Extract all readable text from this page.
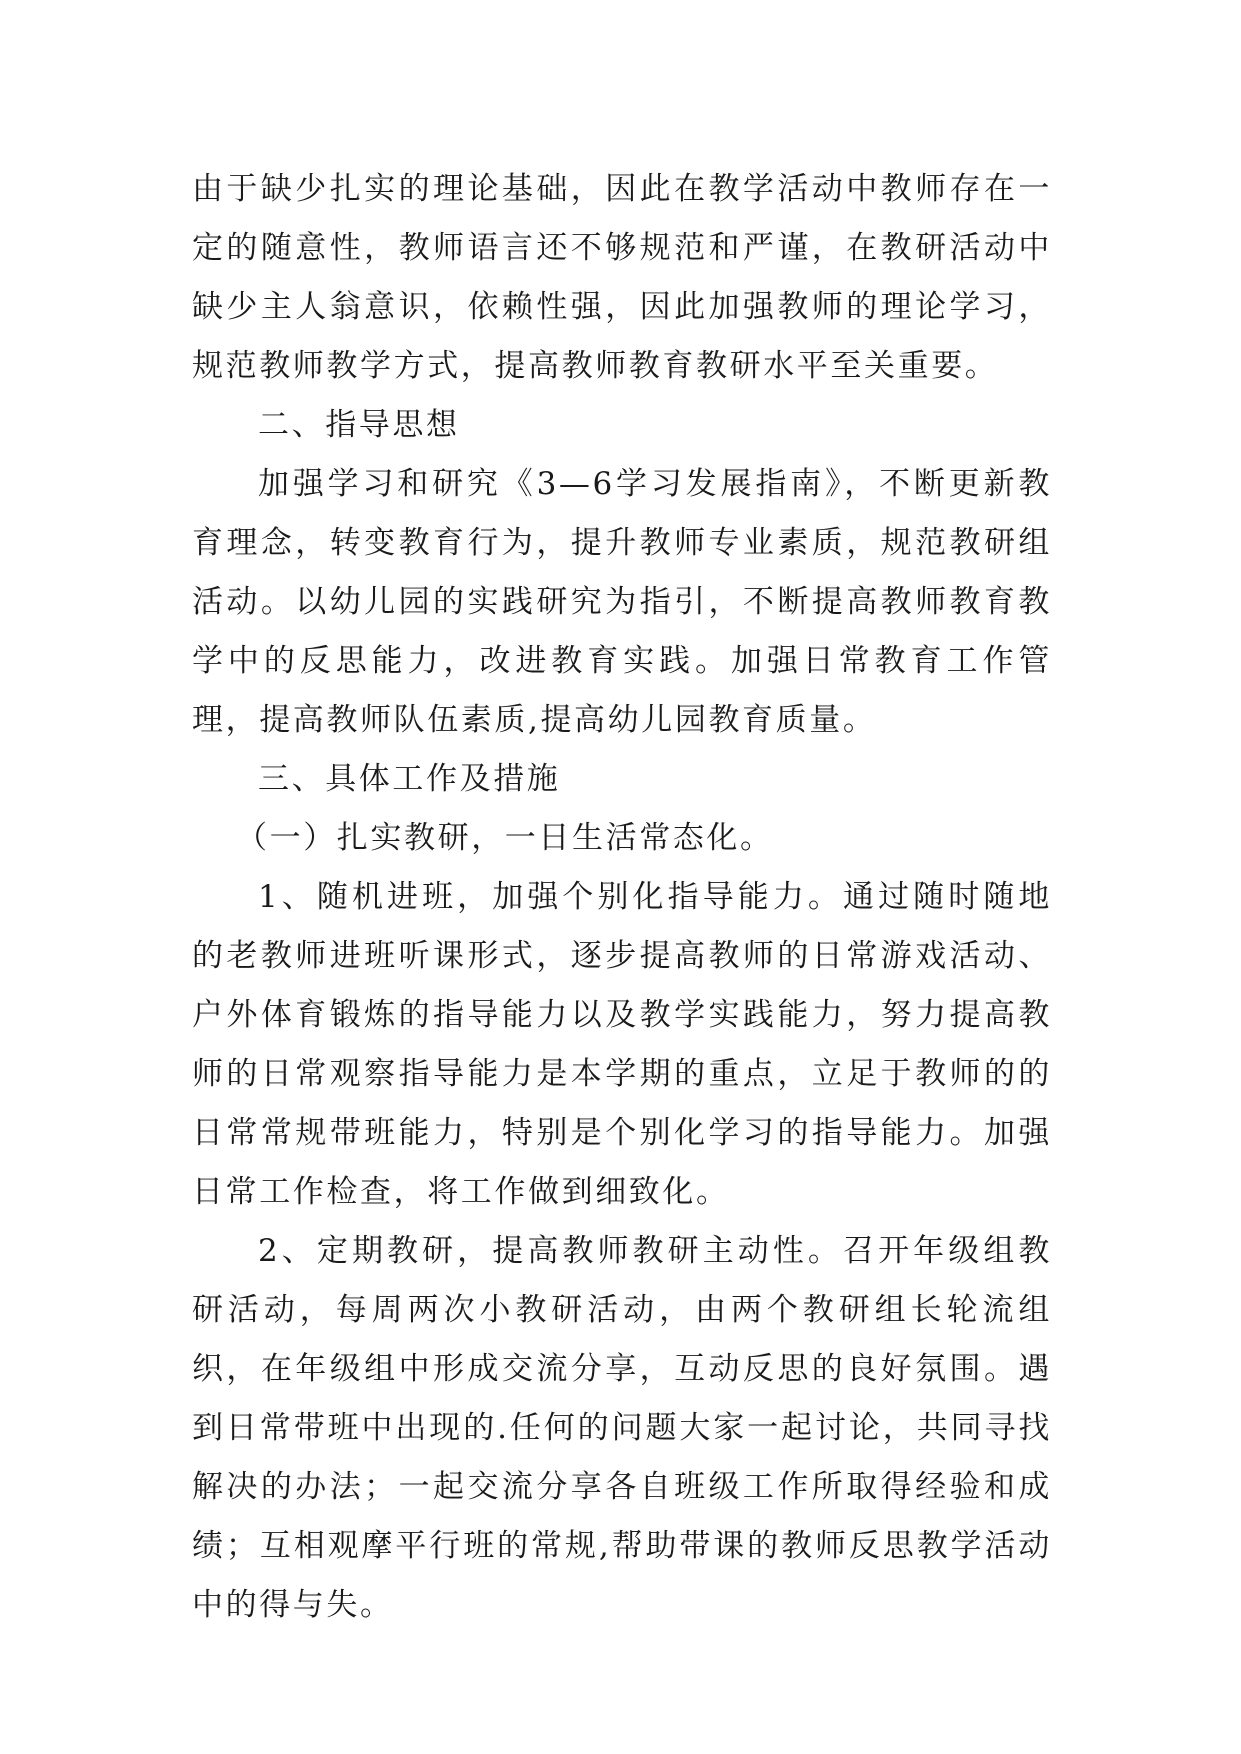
由于缺少扎实的理论基础，因此在教学活动中教师存在一定的随意性，教师语言还不够规范和严谨，在教研活动中缺少主人翁意识，依赖性强，因此加强教师的理论学习，规范教师教学方式，提高教师教育教研水平至关重要。

二、指导思想

加强学习和研究《3—6学习发展指南》，不断更新教育理念，转变教育行为，提升教师专业素质，规范教研组活动。以幼儿园的实践研究为指引，不断提高教师教育教学中的反思能力，改进教育实践。加强日常教育工作管理，提高教师队伍素质,提高幼儿园教育质量。

三、具体工作及措施

（一）扎实教研，一日生活常态化。

1、随机进班，加强个别化指导能力。通过随时随地的老教师进班听课形式，逐步提高教师的日常游戏活动、户外体育锻炼的指导能力以及教学实践能力，努力提高教师的日常观察指导能力是本学期的重点，立足于教师的的日常常规带班能力，特别是个别化学习的指导能力。加强日常工作检查，将工作做到细致化。

2、定期教研，提高教师教研主动性。召开年级组教研活动，每周两次小教研活动，由两个教研组长轮流组织，在年级组中形成交流分享，互动反思的良好氛围。遇到日常带班中出现的.任何的问题大家一起讨论，共同寻找解决的办法；一起交流分享各自班级工作所取得经验和成绩；互相观摩平行班的常规,帮助带课的教师反思教学活动中的得与失。
